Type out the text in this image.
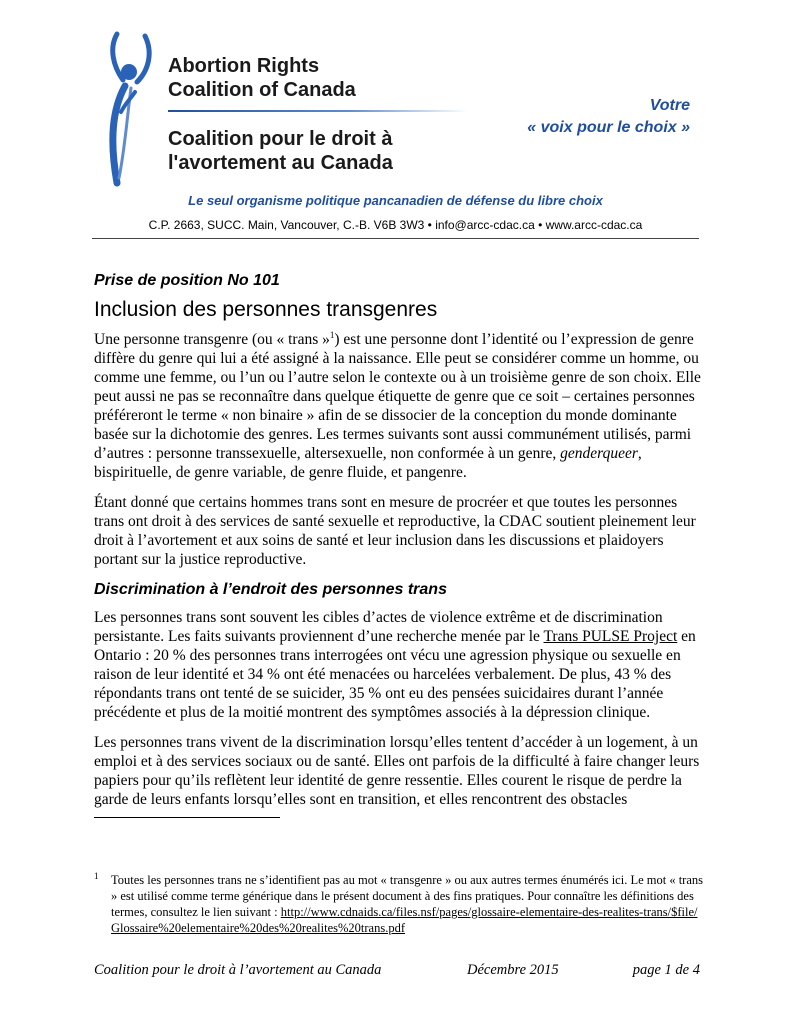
Abortion Rights
Coalition of Canada
Coalition pour le droit à
l'avortement au Canada
Votre
« voix pour le choix »
Le seul organisme politique pancanadien de défense du libre choix
C.P. 2663, SUCC. Main, Vancouver, C.-B. V6B 3W3 • info@arcc-cdac.ca • www.arcc-cdac.ca
Prise de position No 101
Inclusion des personnes transgenres

Une personne transgenre (ou « trans »$^1$) est une personne dont l’identité ou l’expression de genre diffère du genre qui lui a été assigné à la naissance. Elle peut se considérer comme un homme, ou comme une femme, ou l’un ou l’autre selon le contexte ou à un troisième genre de son choix. Elle peut aussi ne pas se reconnaître dans quelque étiquette de genre que ce soit – certaines personnes préféreront le terme « non binaire » afin de se dissocier de la conception du monde dominante basée sur la dichotomie des genres. Les termes suivants sont aussi communément utilisés, parmi d’autres : personne transsexuelle, altersexuelle, non conformée à un genre, genderqueer, bispirituelle, de genre variable, de genre fluide, et pangenre.

Étant donné que certains hommes trans sont en mesure de procréer et que toutes les personnes trans ont droit à des services de santé sexuelle et reproductive, la CDAC soutient pleinement leur droit à l’avortement et aux soins de santé et leur inclusion dans les discussions et plaidoyers portant sur la justice reproductive.

Discrimination à l’endroit des personnes trans

Les personnes trans sont souvent les cibles d’actes de violence extrême et de discrimination persistante. Les faits suivants proviennent d’une recherche menée par le Trans PULSE Project en Ontario : 20 % des personnes trans interrogées ont vécu une agression physique ou sexuelle en raison de leur identité et 34 % ont été menacées ou harcelées verbalement. De plus, 43 % des répondants trans ont tenté de se suicider, 35 % ont eu des pensées suicidaires durant l’année précédente et plus de la moitié montrent des symptômes associés à la dépression clinique.

Les personnes trans vivent de la discrimination lorsqu’elles tentent d’accéder à un logement, à un emploi et à des services sociaux ou de santé. Elles ont parfois de la difficulté à faire changer leurs papiers pour qu’ils reflètent leur identité de genre ressentie. Elles courent le risque de perdre la garde de leurs enfants lorsqu’elles sont en transition, et elles rencontrent des obstacles

1 Toutes les personnes trans ne s’identifient pas au mot « transgenre » ou aux autres termes énumérés ici. Le mot « trans » est utilisé comme terme générique dans le présent document à des fins pratiques. Pour connaître les définitions des termes, consultez le lien suivant : http://www.cdnaids.ca/files.nsf/pages/glossaire-elementaire-des-realites-trans/$file/Glossaire%20elementaire%20des%20realites%20trans.pdf
Coalition pour le droit à l’avortement au Canada	Décembre 2015	page 1 de 4
